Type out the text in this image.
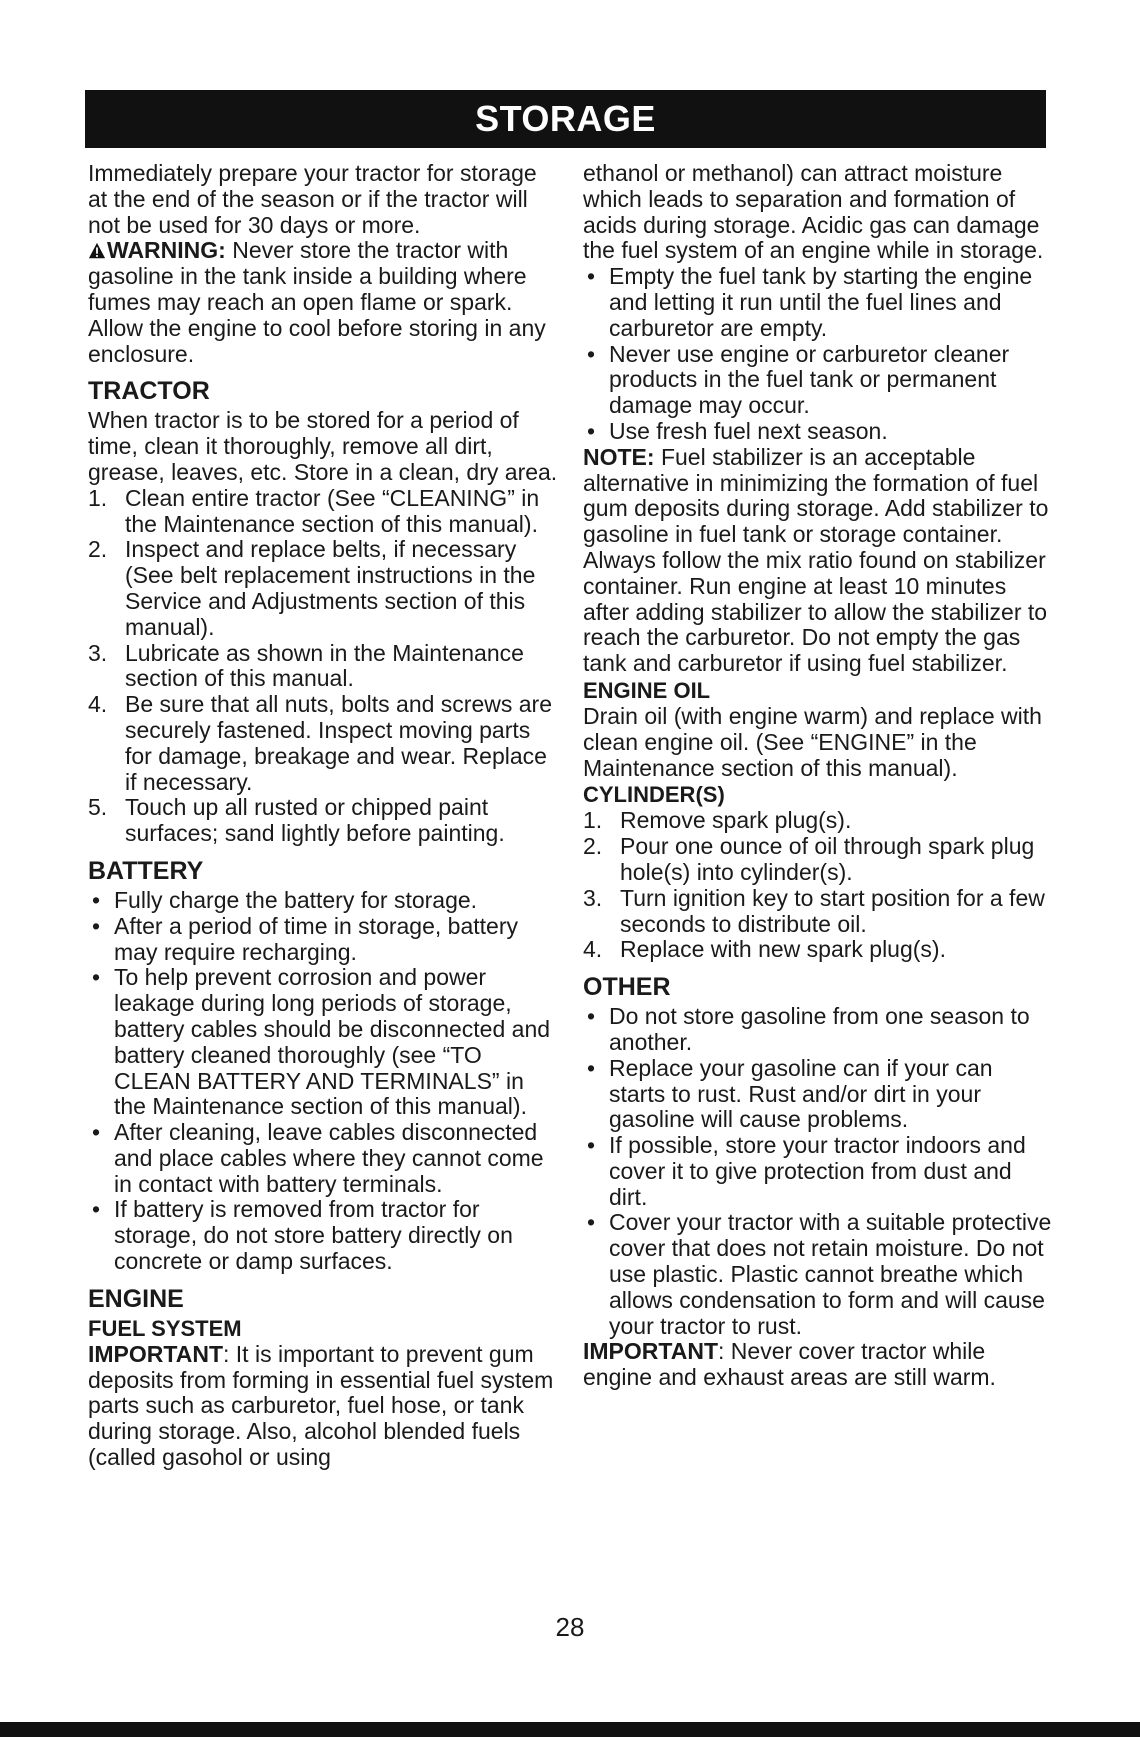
STORAGE

Immediately prepare your tractor for storage at the end of the season or if the tractor will not be used for 30 days or more.

WARNING: Never store the tractor with gasoline in the tank inside a building where fumes may reach an open flame or spark. Allow the engine to cool before storing in any enclosure.

TRACTOR

When tractor is to be stored for a period of time, clean it thoroughly, remove all dirt, grease, leaves, etc. Store in a clean, dry area.

1. Clean entire tractor (See “CLEANING” in the Maintenance section of this manual).
2. Inspect and replace belts, if necessary (See belt replacement instructions in the Service and Adjustments section of this manual).
3. Lubricate as shown in the Maintenance section of this manual.
4. Be sure that all nuts, bolts and screws are securely fastened. Inspect moving parts for damage, breakage and wear. Replace if necessary.
5. Touch up all rusted or chipped paint surfaces; sand lightly before painting.
BATTERY
• Fully charge the battery for storage.
• After a period of time in storage, battery may require recharging.
• To help prevent corrosion and power leakage during long periods of storage, battery cables should be disconnected and battery cleaned thoroughly (see “TO CLEAN BATTERY AND TERMINALS” in the Maintenance section of this manual).
• After cleaning, leave cables disconnected and place cables where they cannot come in contact with battery terminals.
• If battery is removed from tractor for storage, do not store battery directly on concrete or damp surfaces.
ENGINE
FUEL SYSTEM

IMPORTANT: It is important to prevent gum deposits from forming in essential fuel system parts such as carburetor, fuel hose, or tank during storage. Also, alcohol blended fuels (called gasohol or using

ethanol or methanol) can attract moisture which leads to separation and formation of acids during storage. Acidic gas can damage the fuel system of an engine while in storage.

• Empty the fuel tank by starting the engine and letting it run until the fuel lines and carburetor are empty.
• Never use engine or carburetor cleaner products in the fuel tank or permanent damage may occur.
• Use fresh fuel next season.

NOTE: Fuel stabilizer is an acceptable alternative in minimizing the formation of fuel gum deposits during storage. Add stabilizer to gasoline in fuel tank or storage container. Always follow the mix ratio found on stabilizer container. Run engine at least 10 minutes after adding stabilizer to allow the stabilizer to reach the carburetor. Do not empty the gas tank and carburetor if using fuel stabilizer.

ENGINE OIL

Drain oil (with engine warm) and replace with clean engine oil. (See “ENGINE” in the Maintenance section of this manual).

CYLINDER(S)
1. Remove spark plug(s).
2. Pour one ounce of oil through spark plug hole(s) into cylinder(s).
3. Turn ignition key to start position for a few seconds to distribute oil.
4. Replace with new spark plug(s).
OTHER
• Do not store gasoline from one season to another.
• Replace your gasoline can if your can starts to rust. Rust and/or dirt in your gasoline will cause problems.
• If possible, store your tractor indoors and cover it to give protection from dust and dirt.
• Cover your tractor with a suitable protective cover that does not retain moisture. Do not use plastic. Plastic cannot breathe which allows condensation to form and will cause your tractor to rust.

IMPORTANT: Never cover tractor while engine and exhaust areas are still warm.

28
